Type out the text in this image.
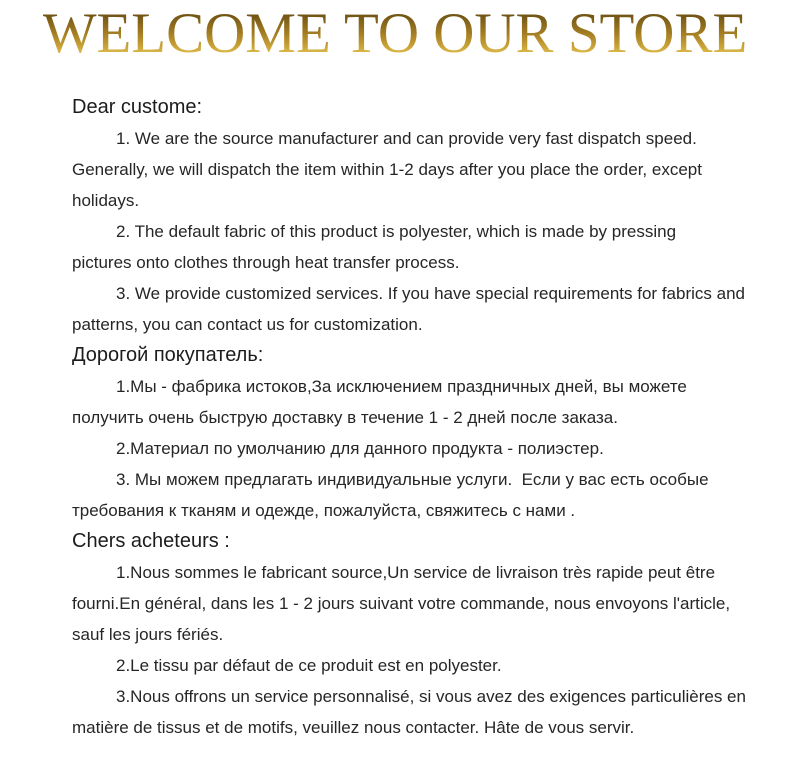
WELCOME TO OUR STORE
Dear custome:
1. We are the source manufacturer and can provide very fast dispatch speed.
Generally, we will dispatch the item within 1-2 days after you place the order, except
holidays.
2. The default fabric of this product is polyester, which is made by pressing
pictures onto clothes through heat transfer process.
3. We provide customized services. If you have special requirements for fabrics and
patterns, you can contact us for customization.
Дорогой покупатель:
1.Мы - фабрика истоков,За исключением праздничных дней, вы можете
получить очень быструю доставку в течение 1 - 2 дней после заказа.
2.Материал по умолчанию для данного продукта - полиэстер.
3. Мы можем предлагать индивидуальные услуги.  Если у вас есть особые
требования к тканям и одежде, пожалуйста, свяжитесь с нами .
Chers acheteurs :
1.Nous sommes le fabricant source,Un service de livraison très rapide peut être
fourni.En général, dans les 1 - 2 jours suivant votre commande, nous envoyons l'article,
sauf les jours fériés.
2.Le tissu par défaut de ce produit est en polyester.
3.Nous offrons un service personnalisé, si vous avez des exigences particulières en
matière de tissus et de motifs, veuillez nous contacter. Hâte de vous servir.
